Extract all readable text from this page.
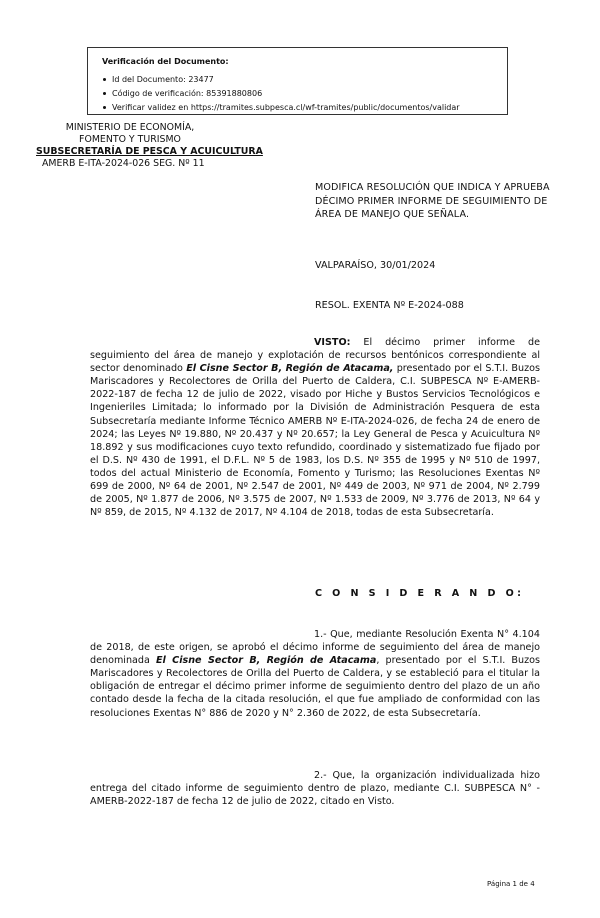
Verificación del Documento:
Id del Documento: 23477
Código de verificación: 85391880806
Verificar validez en https://tramites.subpesca.cl/wf-tramites/public/documentos/validar
MINISTERIO DE ECONOMÍA,
FOMENTO Y TURISMO
SUBSECRETARÍA DE PESCA Y ACUICULTURA
AMERB E-ITA-2024-026 SEG. Nº 11
MODIFICA RESOLUCIÓN QUE INDICA Y APRUEBA DÉCIMO PRIMER INFORME DE SEGUIMIENTO DE ÁREA DE MANEJO QUE SEÑALA.
VALPARAÍSO, 30/01/2024
RESOL. EXENTA Nº E-2024-088
VISTO: El décimo primer informe de seguimiento del área de manejo y explotación de recursos bentónicos correspondiente al sector denominado El Cisne Sector B, Región de Atacama, presentado por el S.T.I. Buzos Mariscadores y Recolectores de Orilla del Puerto de Caldera, C.I. SUBPESCA Nº E-AMERB-2022-187 de fecha 12 de julio de 2022, visado por Hiche y Bustos Servicios Tecnológicos e Ingenieriles Limitada; lo informado por la División de Administración Pesquera de esta Subsecretaría mediante Informe Técnico AMERB Nº E-ITA-2024-026, de fecha 24 de enero de 2024; las Leyes Nº 19.880, Nº 20.437 y Nº 20.657; la Ley General de Pesca y Acuicultura Nº 18.892 y sus modificaciones cuyo texto refundido, coordinado y sistematizado fue fijado por el D.S. Nº 430 de 1991, el D.F.L. Nº 5 de 1983, los D.S. Nº 355 de 1995 y Nº 510 de 1997, todos del actual Ministerio de Economía, Fomento y Turismo; las Resoluciones Exentas Nº 699 de 2000, Nº 64 de 2001, Nº 2.547 de 2001, Nº 449 de 2003, Nº 971 de 2004, Nº 2.799 de 2005, Nº 1.877 de 2006, Nº 3.575 de 2007, Nº 1.533 de 2009, Nº 3.776 de 2013, Nº 64 y Nº 859, de 2015, Nº 4.132 de 2017, Nº 4.104 de 2018, todas de esta Subsecretaría.
C O N S I D E R A N D O:
1.- Que, mediante Resolución Exenta N° 4.104 de 2018, de este origen, se aprobó el décimo informe de seguimiento del área de manejo denominada El Cisne Sector B, Región de Atacama, presentado por el S.T.I. Buzos Mariscadores y Recolectores de Orilla del Puerto de Caldera, y se estableció para el titular la obligación de entregar el décimo primer informe de seguimiento dentro del plazo de un año contado desde la fecha de la citada resolución, el que fue ampliado de conformidad con las resoluciones Exentas N° 886 de 2020 y N° 2.360 de 2022, de esta Subsecretaría.
2.- Que, la organización individualizada hizo entrega del citado informe de seguimiento dentro de plazo, mediante C.I. SUBPESCA N° -AMERB-2022-187 de fecha 12 de julio de 2022, citado en Visto.
Página 1 de 4
